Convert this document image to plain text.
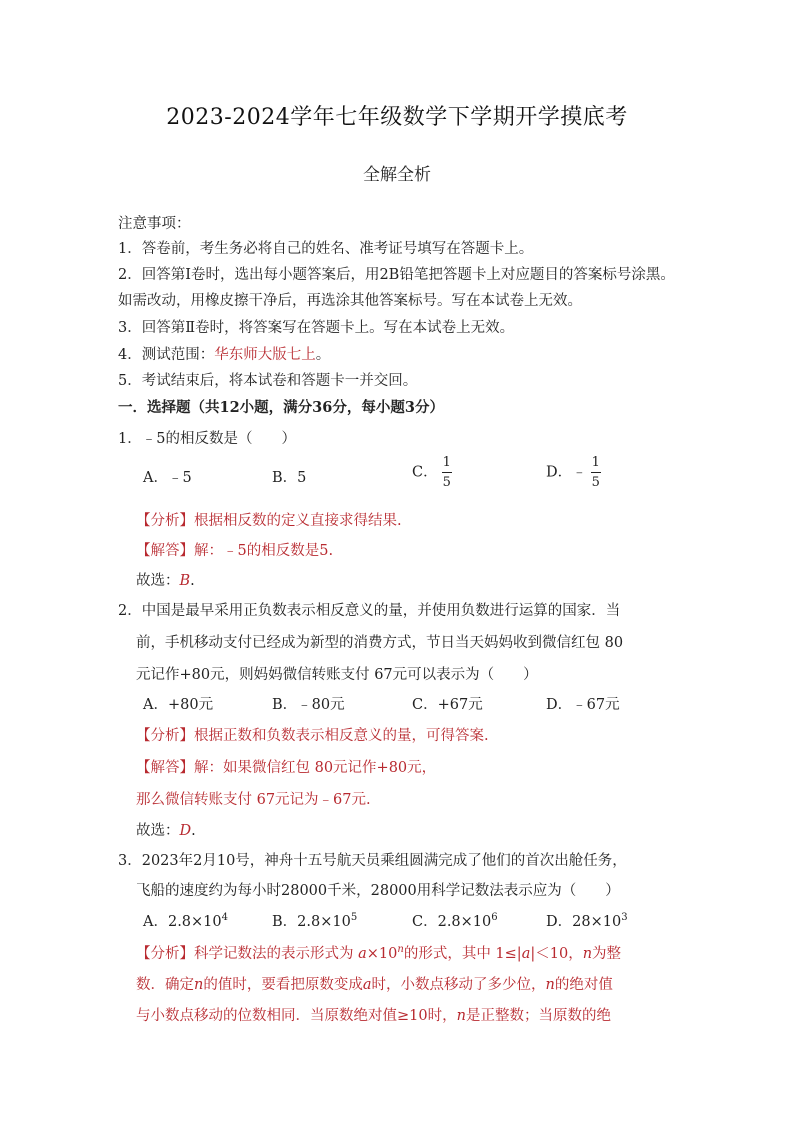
2023-2024学年七年级数学下学期开学摸底考
全解全析
注意事项：
1．答卷前，考生务必将自己的姓名、准考证号填写在答题卡上。
2．回答第Ⅰ卷时，选出每小题答案后，用2B铅笔把答题卡上对应题目的答案标号涂黑。
如需改动，用橡皮擦干净后，再选涂其他答案标号。写在本试卷上无效。
3．回答第Ⅱ卷时，将答案写在答题卡上。写在本试卷上无效。
4．测试范围：华东师大版七上。
5．考试结束后，将本试卷和答题卡一并交回。
一．选择题（共12小题，满分36分，每小题3分）
1．﹣5的相反数是（　　）
A．﹣5	B．5	C． $\frac{1}{5}$	D．﹣ $\frac{1}{5}$
【分析】根据相反数的定义直接求得结果.
【解答】解：﹣5的相反数是5.
故选：B.
2．中国是最早采用正负数表示相反意义的量，并使用负数进行运算的国家．当
前，手机移动支付已经成为新型的消费方式，节日当天妈妈收到微信红包 80
元记作+80元，则妈妈微信转账支付 67元可以表示为（　　）
A．+80元	B．﹣80元	C．+67元	D．﹣67元
【分析】根据正数和负数表示相反意义的量，可得答案.
【解答】解：如果微信红包 80元记作+80元，
那么微信转账支付 67元记为﹣67元.
故选：D.
3．2023年2月10号，神舟十五号航天员乘组圆满完成了他们的首次出舱任务，
飞船的速度约为每小时28000千米，28000用科学记数法表示应为（　　）
A．$2.8\times 10^4$	B．$2.8\times 10^5$	C．$2.8\times 10^6$	D．$28\times 10^3$
【分析】科学记数法的表示形式为 $a\times 10^n$的形式，其中 1≤|a|＜10，n为整
数．确定n的值时，要看把原数变成a时，小数点移动了多少位，n的绝对值
与小数点移动的位数相同．当原数绝对值≥10时，n是正整数；当原数的绝
